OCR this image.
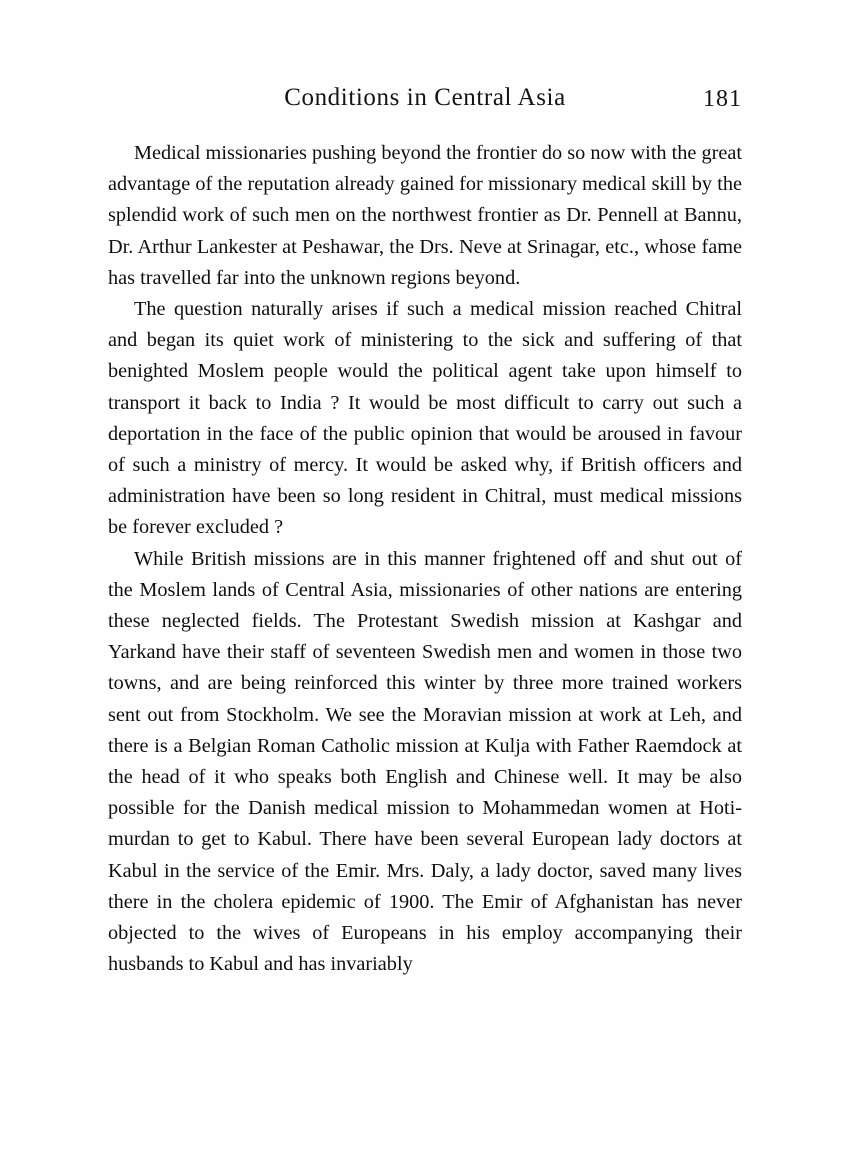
Conditions in Central Asia	181

Medical missionaries pushing beyond the frontier do so now with the great advantage of the reputation already gained for missionary medical skill by the splendid work of such men on the northwest frontier as Dr. Pennell at Bannu, Dr. Arthur Lankester at Peshawar, the Drs. Neve at Srinagar, etc., whose fame has travelled far into the unknown regions beyond.

The question naturally arises if such a medical mission reached Chitral and began its quiet work of ministering to the sick and suffering of that benighted Moslem people would the political agent take upon himself to transport it back to India ? It would be most difficult to carry out such a deportation in the face of the public opinion that would be aroused in favour of such a ministry of mercy. It would be asked why, if British officers and administration have been so long resident in Chitral, must medical missions be forever excluded ?

While British missions are in this manner frightened off and shut out of the Moslem lands of Central Asia, missionaries of other nations are entering these neglected fields. The Protestant Swedish mission at Kashgar and Yarkand have their staff of seventeen Swedish men and women in those two towns, and are being reinforced this winter by three more trained workers sent out from Stockholm. We see the Moravian mission at work at Leh, and there is a Belgian Roman Catholic mission at Kulja with Father Raemdock at the head of it who speaks both English and Chinese well. It may be also possible for the Danish medical mission to Mohammedan women at Hoti-murdan to get to Kabul. There have been several European lady doctors at Kabul in the service of the Emir. Mrs. Daly, a lady doctor, saved many lives there in the cholera epidemic of 1900. The Emir of Afghanistan has never objected to the wives of Europeans in his employ accompanying their husbands to Kabul and has invariably
